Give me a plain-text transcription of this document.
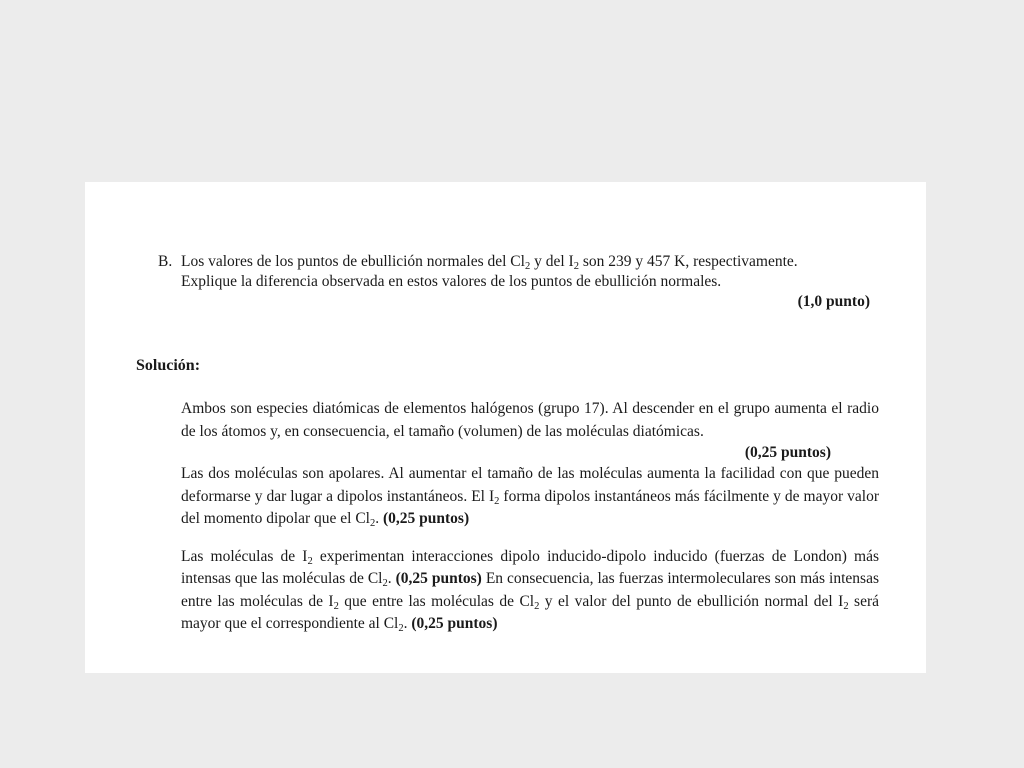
B. Los valores de los puntos de ebullición normales del $Cl_2$ y del $I_2$ son 239 y 457 K, respectivamente.
Explique la diferencia observada en estos valores de los puntos de ebullición normales.
(1,0 punto)
Solución:

Ambos son especies diatómicas de elementos halógenos (grupo 17). Al descender en el grupo aumenta el radio de los átomos y, en consecuencia, el tamaño (volumen) de las moléculas diatómicas.

(0,25 puntos)

Las dos moléculas son apolares. Al aumentar el tamaño de las moléculas aumenta la facilidad con que pueden deformarse y dar lugar a dipolos instantáneos. El $I_2$ forma dipolos instantáneos más fácilmente y de mayor valor del momento dipolar que el $Cl_2$. (0,25 puntos)

Las moléculas de $I_2$ experimentan interacciones dipolo inducido-dipolo inducido (fuerzas de London) más intensas que las moléculas de $Cl_2$. (0,25 puntos) En consecuencia, las fuerzas intermoleculares son más intensas entre las moléculas de $I_2$ que entre las moléculas de $Cl_2$ y el valor del punto de ebullición normal del $I_2$ será mayor que el correspondiente al $Cl_2$. (0,25 puntos)
